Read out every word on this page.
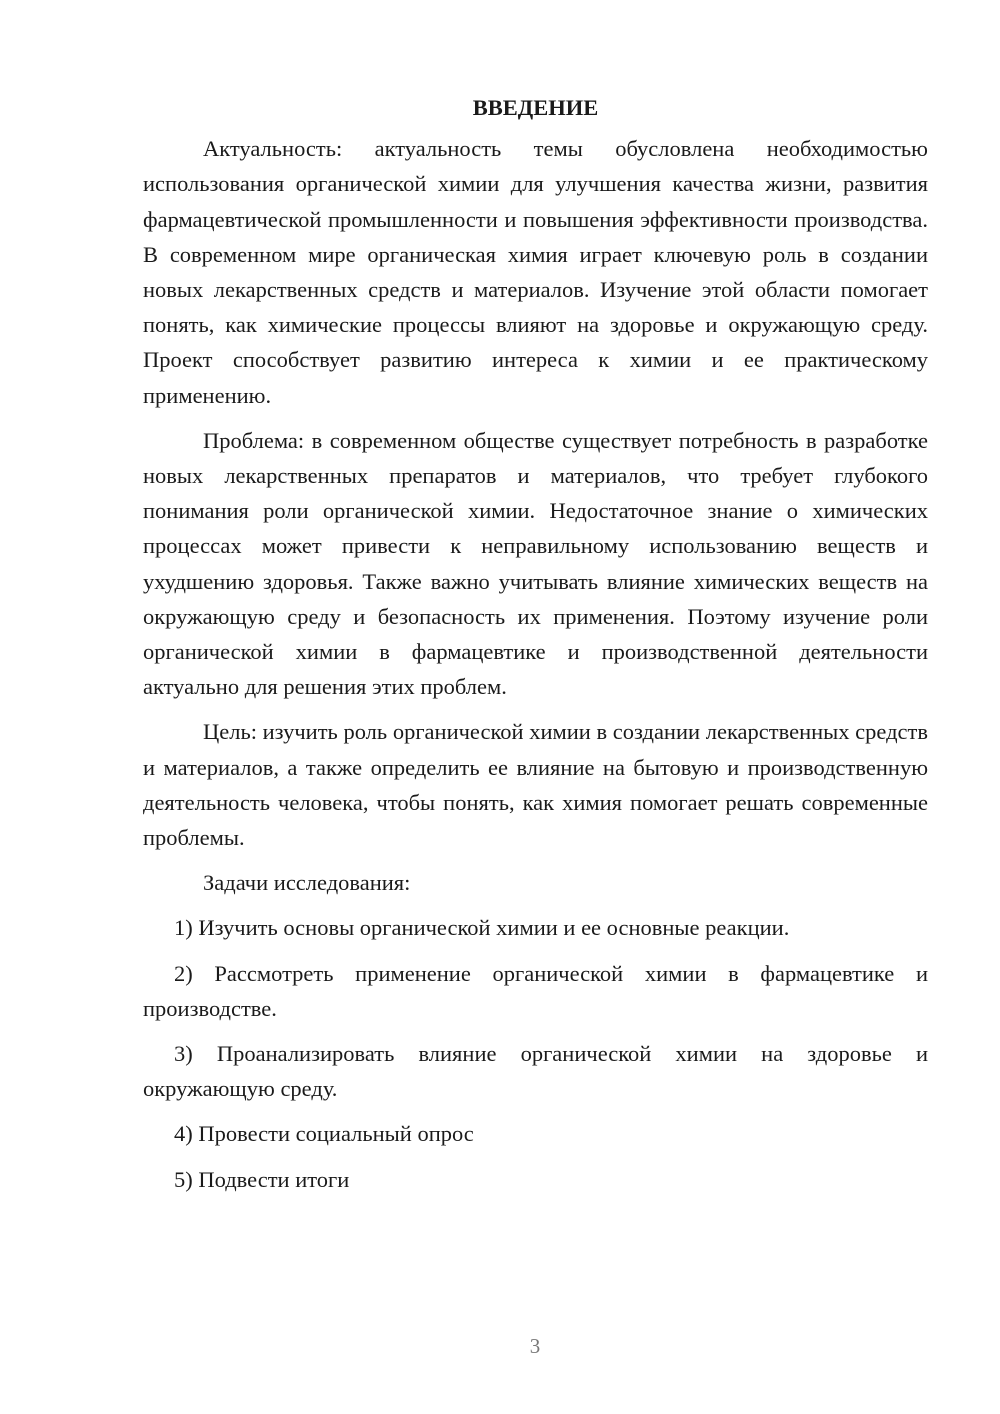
ВВЕДЕНИЕ

Актуальность: актуальность темы обусловлена необходимостью использования органической химии для улучшения качества жизни, развития фармацевтической промышленности и повышения эффективности производства. В современном мире органическая химия играет ключевую роль в создании новых лекарственных средств и материалов. Изучение этой области помогает понять, как химические процессы влияют на здоровье и окружающую среду. Проект способствует развитию интереса к химии и ее практическому применению.

Проблема: в современном обществе существует потребность в разработке новых лекарственных препаратов и материалов, что требует глубокого понимания роли органической химии. Недостаточное знание о химических процессах может привести к неправильному использованию веществ и ухудшению здоровья. Также важно учитывать влияние химических веществ на окружающую среду и безопасность их применения. Поэтому изучение роли органической химии в фармацевтике и производственной деятельности актуально для решения этих проблем.

Цель: изучить роль органической химии в создании лекарственных средств и материалов, а также определить ее влияние на бытовую и производственную деятельность человека, чтобы понять, как химия помогает решать современные проблемы.

Задачи исследования:

1) Изучить основы органической химии и ее основные реакции.
2) Рассмотреть применение органической химии в фармацевтике и производстве.
3) Проанализировать влияние органической химии на здоровье и окружающую среду.
4) Провести социальный опрос
5) Подвести итоги
3
